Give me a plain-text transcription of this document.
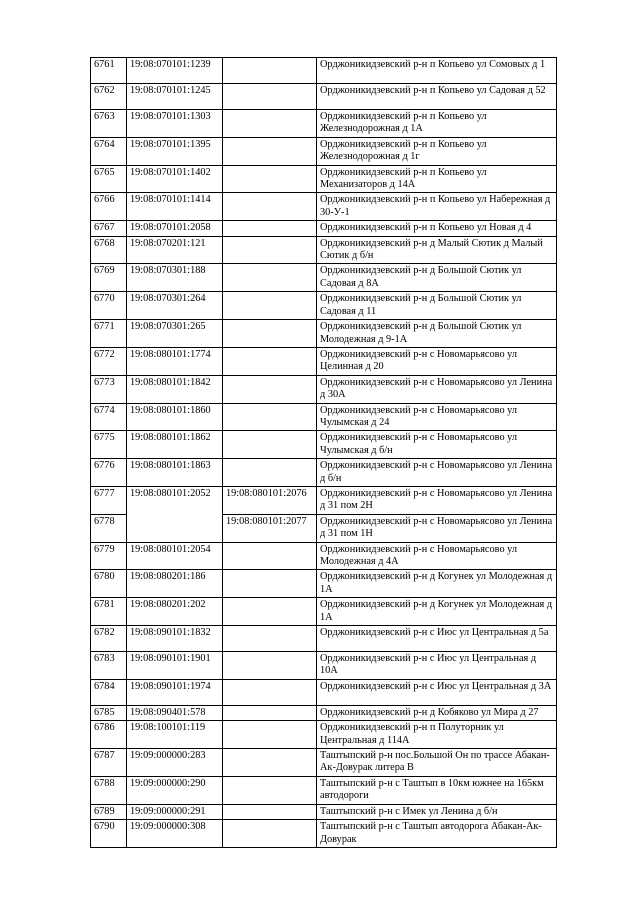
6761	19:08:070101:1239		Орджоникидзевский р-н п Копьево ул Сомовых д 1
6762	19:08:070101:1245		Орджоникидзевский р-н п Копьево ул Садовая д 52
6763	19:08:070101:1303		Орджоникидзевский р-н п Копьево ул Железнодорожная д 1А
6764	19:08:070101:1395		Орджоникидзевский р-н п Копьево ул Железнодорожная д 1г
6765	19:08:070101:1402		Орджоникидзевский р-н п Копьево ул Механизаторов д 14А
6766	19:08:070101:1414		Орджоникидзевский р-н п Копьево ул Набережная д 30-У-1
6767	19:08:070101:2058		Орджоникидзевский р-н п Копьево ул Новая д 4
6768	19:08:070201:121		Орджоникидзевский р-н д Малый Сютик д Малый Сютик д б/н
6769	19:08:070301:188		Орджоникидзевский р-н д Большой Сютик ул Садовая д 8А
6770	19:08:070301:264		Орджоникидзевский р-н д Большой Сютик ул Садовая д 11
6771	19:08:070301:265		Орджоникидзевский р-н д Большой Сютик ул Молодежная д 9-1А
6772	19:08:080101:1774		Орджоникидзевский р-н с Новомарьясово ул Целинная д 20
6773	19:08:080101:1842		Орджоникидзевский р-н с Новомарьясово ул Ленина д 30А
6774	19:08:080101:1860		Орджоникидзевский р-н с Новомарьясово ул Чулымская д 24
6775	19:08:080101:1862		Орджоникидзевский р-н с Новомарьясово ул Чулымская д б/н
6776	19:08:080101:1863		Орджоникидзевский р-н с Новомарьясово ул Ленина д б/н
6777	19:08:080101:2052	19:08:080101:2076	Орджоникидзевский р-н с Новомарьясово ул Ленина д 31 пом 2Н
6778		19:08:080101:2077	Орджоникидзевский р-н с Новомарьясово ул Ленина д 31 пом 1Н
6779	19:08:080101:2054		Орджоникидзевский р-н с Новомарьясово ул Молодежная д 4А
6780	19:08:080201:186		Орджоникидзевский р-н д Когунек ул Молодежная д 1А
6781	19:08:080201:202		Орджоникидзевский р-н д Когунек ул Молодежная д 1А
6782	19:08:090101:1832		Орджоникидзевский р-н с Июс ул Центральная д 5а
6783	19:08:090101:1901		Орджоникидзевский р-н с Июс ул Центральная д 10А
6784	19:08:090101:1974		Орджоникидзевский р-н с Июс ул Центральная д 3А
6785	19:08:090401:578		Орджоникидзевский р-н д Кобяково ул Мира д 27
6786	19:08:100101:119		Орджоникидзевский р-н п Полуторник ул Центральная д 114А
6787	19:09:000000:283		Таштыпский р-н пос.Большой Он по трассе Абакан-Ак-Довурак литера В
6788	19:09:000000:290		Таштыпский р-н с Таштып в 10км южнее на 165км автодороги
6789	19:09:000000:291		Таштыпский р-н с Имек ул Ленина д б/н
6790	19:09:000000:308		Таштыпский р-н с Таштып автодорога Абакан-Ак-Довурак
